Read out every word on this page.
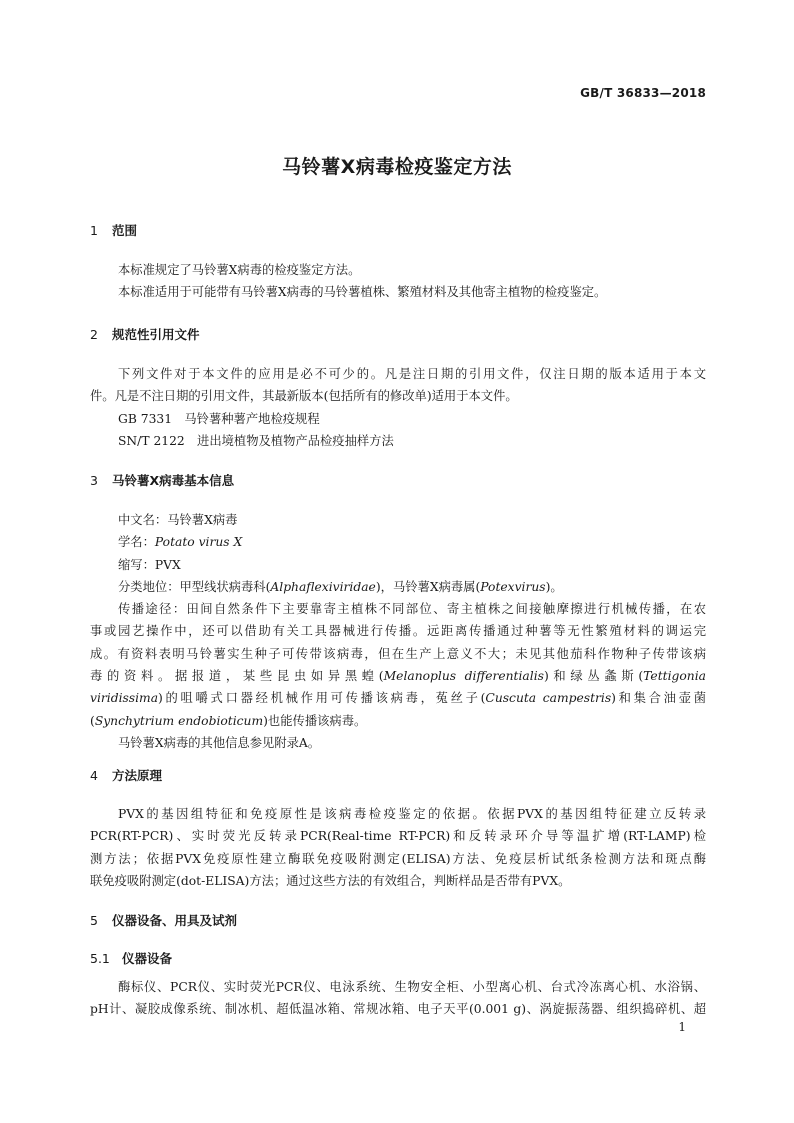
GB/T 36833—2018
马铃薯X病毒检疫鉴定方法
1 范围
本标准规定了马铃薯X病毒的检疫鉴定方法。
本标准适用于可能带有马铃薯X病毒的马铃薯植株、繁殖材料及其他寄主植物的检疫鉴定。
2 规范性引用文件
下列文件对于本文件的应用是必不可少的。凡是注日期的引用文件，仅注日期的版本适用于本文
件。凡是不注日期的引用文件，其最新版本(包括所有的修改单)适用于本文件。
GB 7331　马铃薯种薯产地检疫规程
SN/T 2122　进出境植物及植物产品检疫抽样方法
3 马铃薯X病毒基本信息
中文名：马铃薯X病毒
学名：Potato virus X
缩写：PVX
分类地位：甲型线状病毒科(Alphaflexiviridae)，马铃薯X病毒属(Potexvirus)。
传播途径：田间自然条件下主要靠寄主植株不同部位、寄主植株之间接触摩擦进行机械传播，在农
事或园艺操作中，还可以借助有关工具器械进行传播。远距离传播通过种薯等无性繁殖材料的调运完
成。有资料表明马铃薯实生种子可传带该病毒，但在生产上意义不大；未见其他茄科作物种子传带该病
毒的资料。据报道，某些昆虫如异黑蝗(Melanoplus differentialis)和绿丛螽斯(Tettigonia
viridissima)的咀嚼式口器经机械作用可传播该病毒，菟丝子(Cuscuta campestris)和集合油壶菌
(Synchytrium endobioticum)也能传播该病毒。
马铃薯X病毒的其他信息参见附录A。
4 方法原理
PVX的基因组特征和免疫原性是该病毒检疫鉴定的依据。依据PVX的基因组特征建立反转录
PCR(RT-PCR)、实时荧光反转录PCR(Real-time RT-PCR)和反转录环介导等温扩增(RT-LAMP)检
测方法；依据PVX免疫原性建立酶联免疫吸附测定(ELISA)方法、免疫层析试纸条检测方法和斑点酶
联免疫吸附测定(dot-ELISA)方法；通过这些方法的有效组合，判断样品是否带有PVX。
5 仪器设备、用具及试剂
5.1 仪器设备
酶标仪、PCR仪、实时荧光PCR仪、电泳系统、生物安全柜、小型离心机、台式冷冻离心机、水浴锅、
pH计、凝胶成像系统、制冰机、超低温冰箱、常规冰箱、电子天平(0.001 g)、涡旋振荡器、组织捣碎机、超
1
